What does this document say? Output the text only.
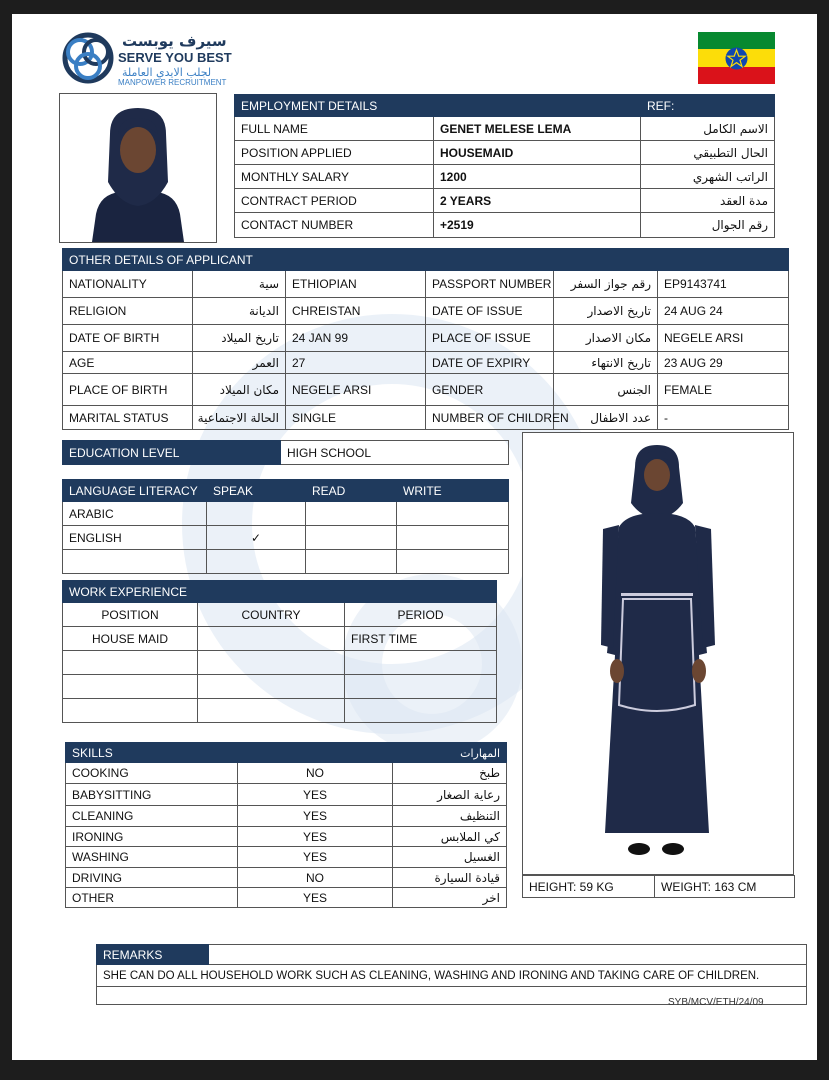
سيرف يوبست
SERVE YOU BEST
لجلب الايدي العاملة
MANPOWER RECRUITMENT
EMPLOYMENT DETAILS		REF:
FULL NAME	GENET MELESE LEMA	الاسم الكامل
POSITION APPLIED	HOUSEMAID	الحال التطبيقي
MONTHLY SALARY	1200	الراتب الشهري
CONTRACT PERIOD	2 YEARS	مدة العقد
CONTACT NUMBER	+2519	رقم الجوال
OTHER DETAILS OF APPLICANT					
NATIONALITY	سية	ETHIOPIAN	PASSPORT NUMBER	رقم جواز السفر	EP9143741
RELIGION	الديانة	CHREISTAN	DATE OF ISSUE	تاريخ الاصدار	24 AUG 24
DATE OF BIRTH	تاريخ الميلاد	24 JAN 99	PLACE OF ISSUE	مكان الاصدار	NEGELE ARSI
AGE	العمر	27	DATE OF EXPIRY	تاريخ الانتهاء	23 AUG 29
PLACE OF BIRTH	مكان الميلاد	NEGELE ARSI	GENDER	الجنس	FEMALE
MARITAL STATUS	الحالة الاجتماعية	SINGLE	NUMBER OF CHILDREN	عدد الاطفال	-
EDUCATION LEVEL	HIGH SCHOOL
LANGUAGE LITERACY	SPEAK	READ	WRITE
ARABIC			
ENGLISH	✓		

WORK EXPERIENCE		
POSITION	COUNTRY	PERIOD
HOUSE MAID		FIRST TIME

SKILLS	المهارات	
COOKING	NO	طبخ
BABYSITTING	YES	رعاية الصغار
CLEANING	YES	التنظيف
IRONING	YES	كي الملابس
WASHING	YES	الغسيل
DRIVING	NO	قيادة السيارة
OTHER	YES	اخر
HEIGHT: 59 KG	WEIGHT: 163 CM
REMARKS	
SHE CAN DO ALL HOUSEHOLD WORK SUCH AS CLEANING, WASHING AND IRONING AND TAKING CARE OF CHILDREN.

SYB/MCV/ETH/24/09
